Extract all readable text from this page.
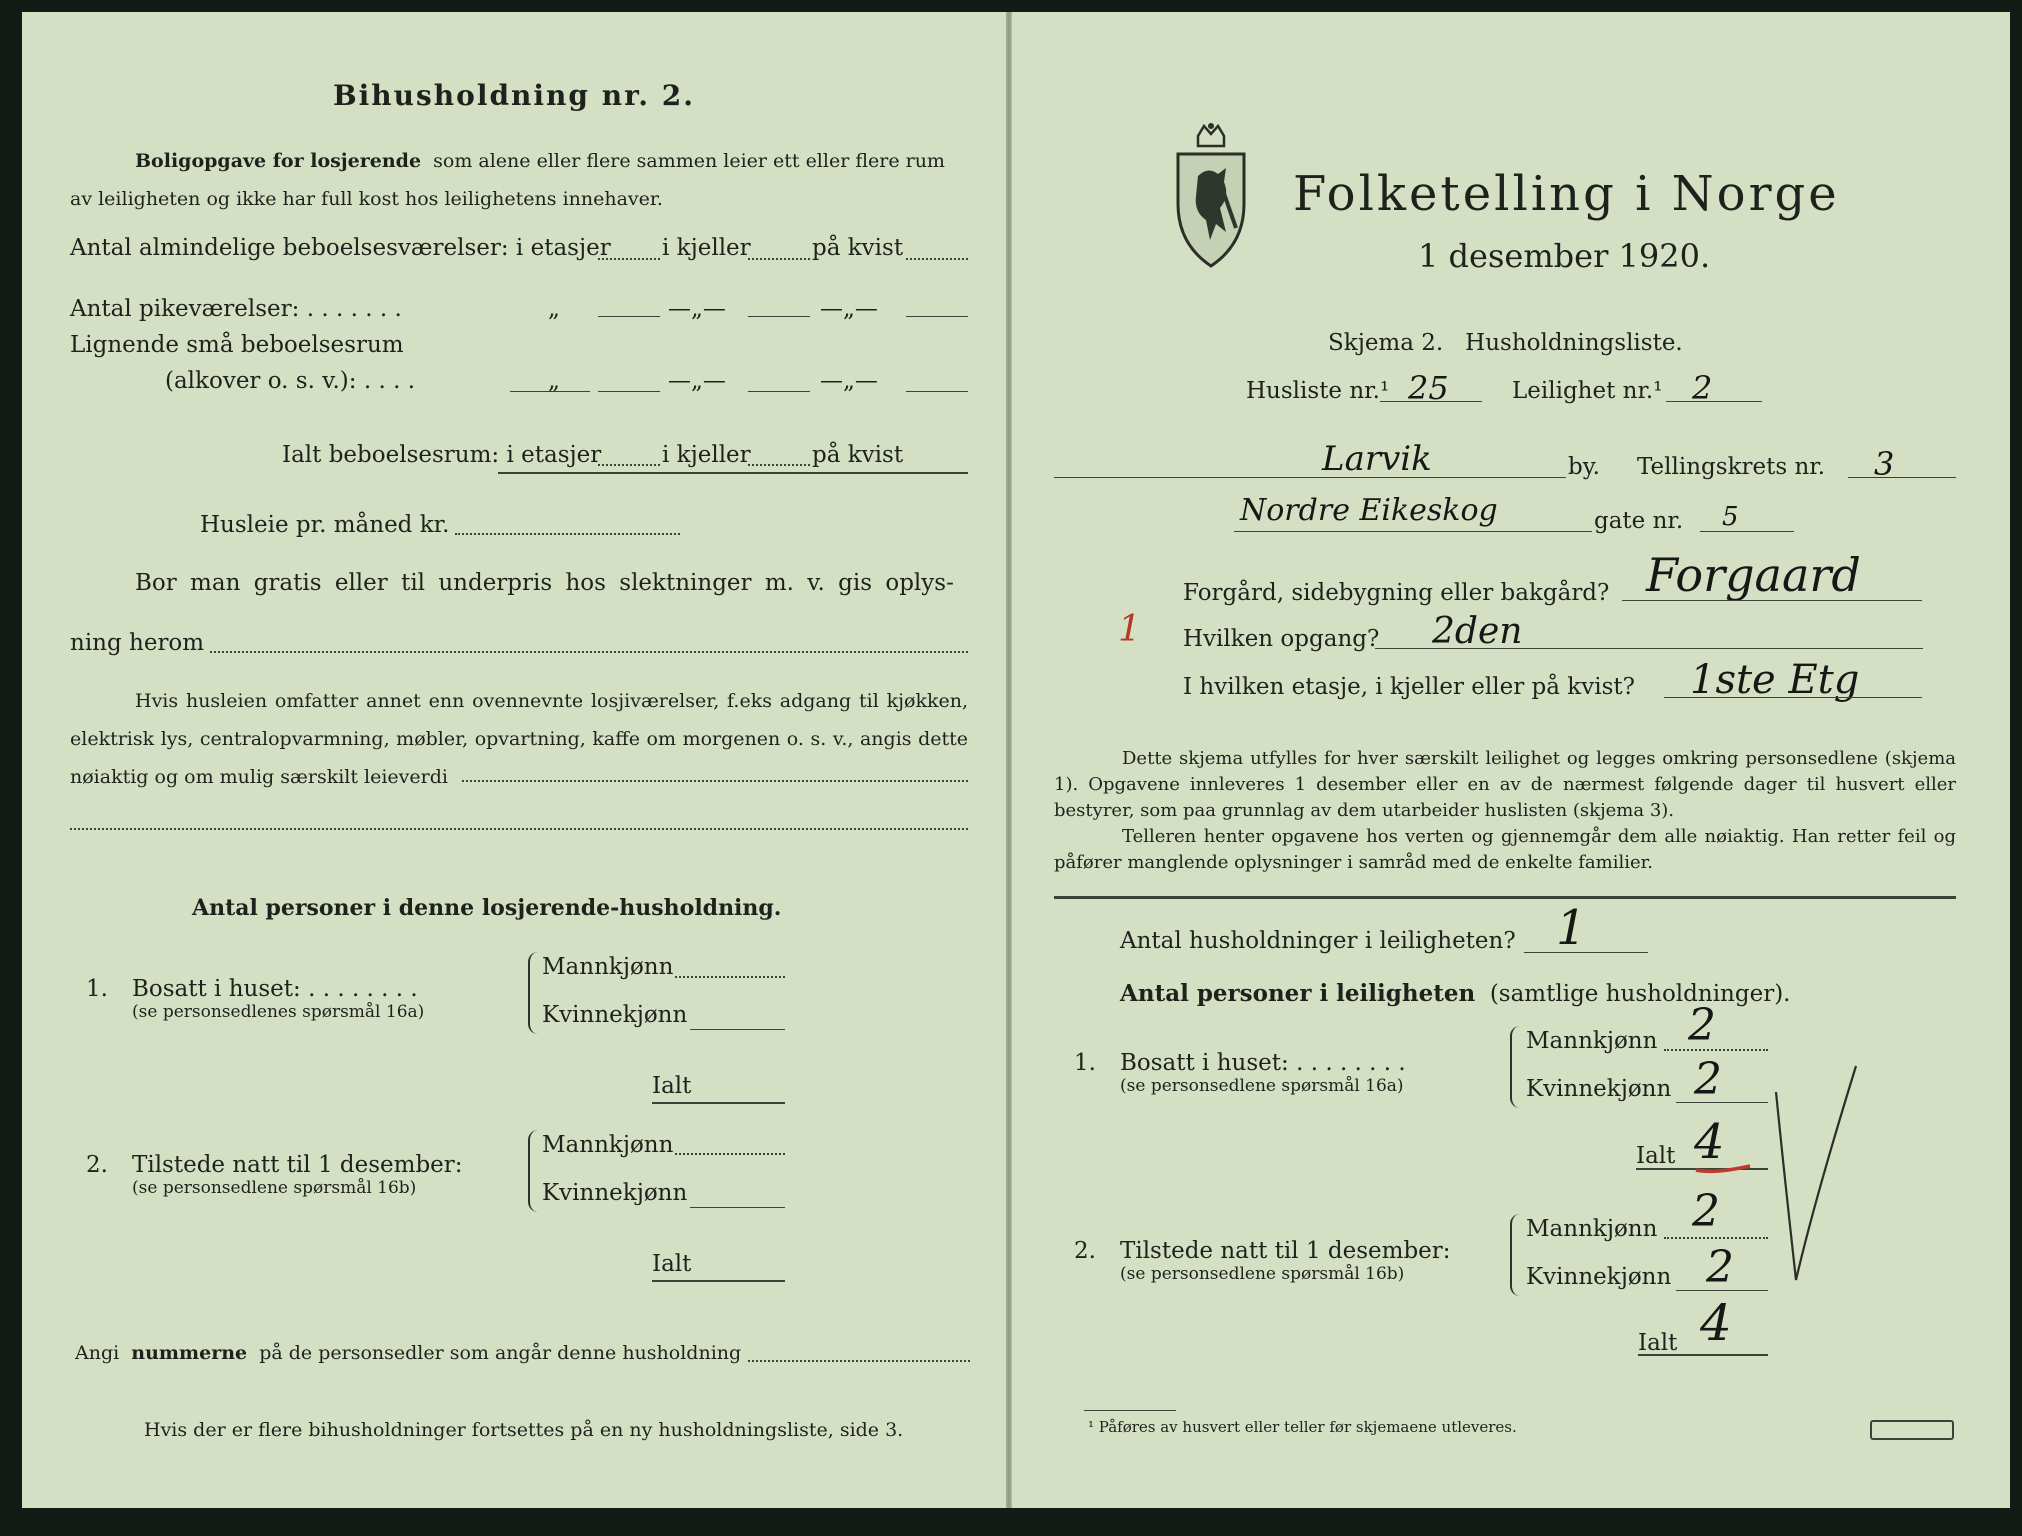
Bihusholdning nr. 2.
Boligopgave for losjerende som alene eller flere sammen leier ett eller flere rum
av leiligheten og ikke har full kost hos leilighetens innehaver.
Antal almindelige beboelsesværelser: i etasjer i kjeller	på kvist
Antal pikeværelser: . . . . . . .	„	—„—	—„—
Lignende små beboelsesrum
(alkover o. s. v.): . . . .	„	—„—	—„—
Ialt beboelsesrum: i etasjer	i kjeller	på kvist
Husleie pr. måned kr.
Bor man gratis eller til underpris hos slektninger m. v. gis oplys-
ning herom
Hvis husleien omfatter annet enn ovennevnte losjiværelser, f.eks adgang til kjøkken, elektrisk lys, centralopvarmning, møbler, opvartning, kaffe om morgenen o. s. v., angis dette nøiaktig og om mulig særskilt leieverdi
Antal personer i denne losjerende-husholdning.
1. Bosatt i huset: . . . . . . . .
(se personsedlenes spørsmål 16a)
Mannkjønn
Kvinnekjønn
Ialt
2. Tilstede natt til 1 desember:
(se personsedlene spørsmål 16b)
Mannkjønn
Kvinnekjønn
Ialt
Angi nummerne på de personsedler som angår denne husholdning
Hvis der er flere bihusholdninger fortsettes på en ny husholdningsliste, side 3.
Folketelling i Norge
1 desember 1920.
Skjema 2.   Husholdningsliste.
Husliste nr.¹ 25	Leilighet nr.¹ 2
Larvik	by. Tellingskrets nr. 3
Nordre Eikeskog	gate nr. 5
Forgård, sidebygning eller bakgård? Forgaard
1 Hvilken opgang? 2den
I hvilken etasje, i kjeller eller på kvist? 1ste Etg
Dette skjema utfylles for hver særskilt leilighet og legges omkring personsedlene (skjema 1). Opgavene innleveres 1 desember eller en av de nærmest følgende dager til husvert eller bestyrer, som paa grunnlag av dem utarbeider huslisten (skjema 3).
Telleren henter opgavene hos verten og gjennemgår dem alle nøiaktig. Han retter feil og påfører manglende oplysninger i samråd med de enkelte familier.
Antal husholdninger i leiligheten? 1
Antal personer i leiligheten (samtlige husholdninger).
1. Bosatt i huset: . . . . . . . .
(se personsedlene spørsmål 16a)
Mannkjønn 2
Kvinnekjønn 2
Ialt 4
2. Tilstede natt til 1 desember:
(se personsedlene spørsmål 16b)
Mannkjønn 2
Kvinnekjønn 2
Ialt 4
¹ Påføres av husvert eller teller før skjemaene utleveres.
